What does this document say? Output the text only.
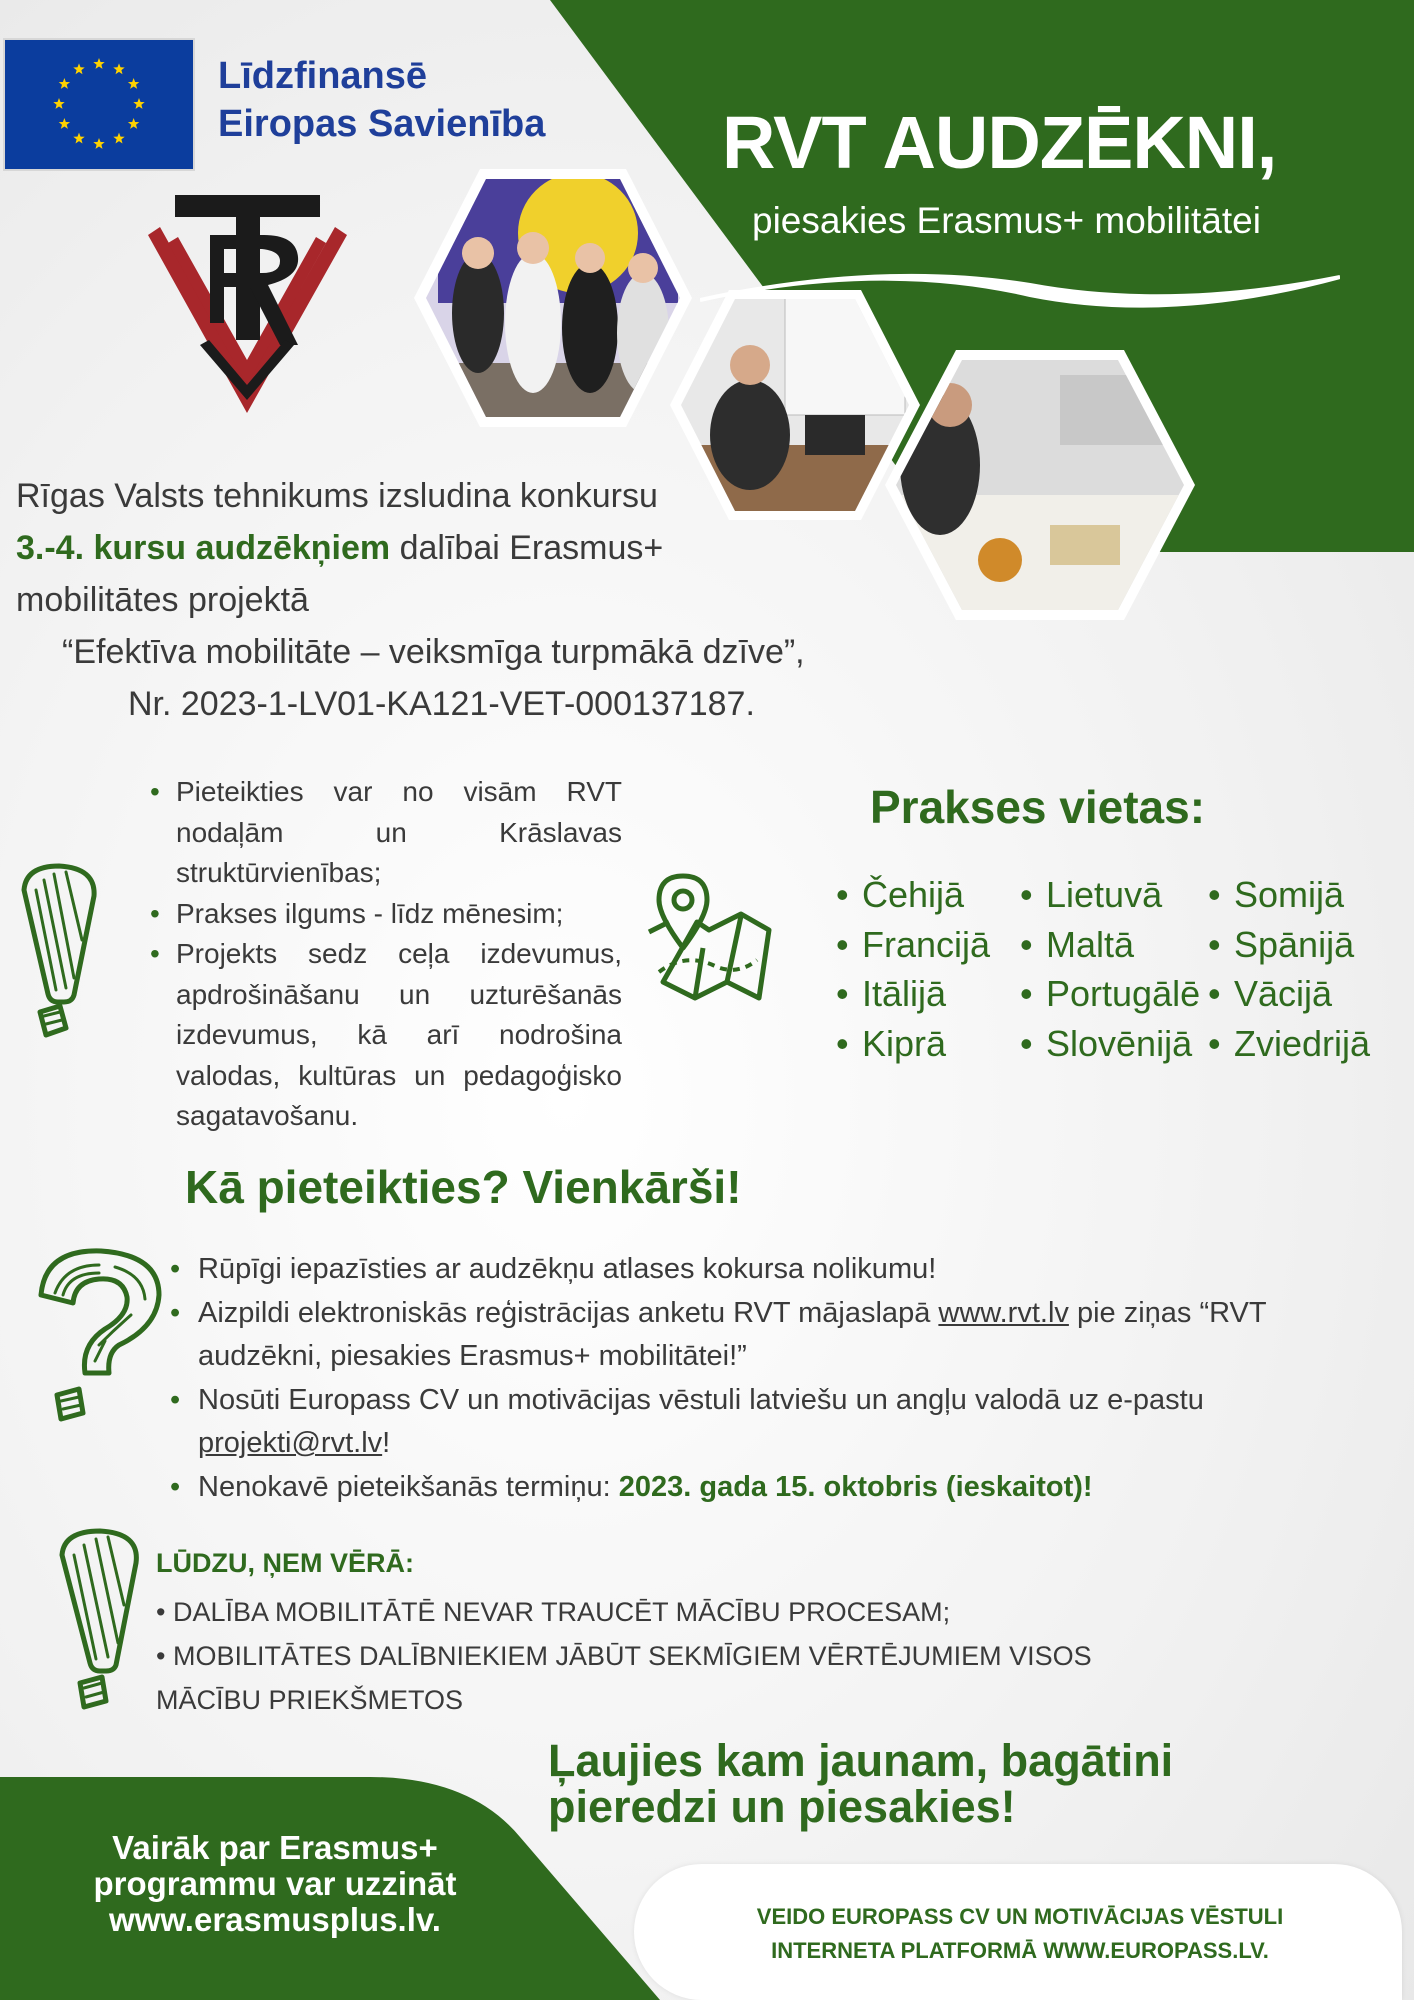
Līdzfinansē
Eiropas Savienība RVT AUDZĒKNI,
piesakies Erasmus+ mobilitātei
Rīgas Valsts tehnikums izsludina konkursu
3.-4. kursu audzēkņiem dalībai Erasmus+
mobilitātes projektā
“Efektīva mobilitāte – veiksmīga turpmākā dzīve”,
Nr. 2023-1-LV01-KA121-VET-000137187.
• Pieteikties var no visām RVT nodaļām un Krāslavas struktūrvienības;
• Prakses ilgums - līdz mēnesim;
• Projekts sedz ceļa izdevumus, apdrošināšanu un uzturēšanās izdevumus, kā arī nodrošina valodas, kultūras un pedagoģisko sagatavošanu.
Prakses vietas:
• Čehijā
• Francijā
• Itālijā
• Kiprā
• Lietuvā
• Maltā
• Portugālē
• Slovēnijā
• Somijā
• Spānijā
• Vācijā
• Zviedrijā
Kā pieteikties? Vienkārši!
• Rūpīgi iepazīsties ar audzēkņu atlases kokursa nolikumu!
• Aizpildi elektroniskās reģistrācijas anketu RVT mājaslapā www.rvt.lv pie ziņas “RVT audzēkni, piesakies Erasmus+ mobilitātei!”
• Nosūti Europass CV un motivācijas vēstuli latviešu un angļu valodā uz e-pastu projekti@rvt.lv!
• Nenokavē pieteikšanās termiņu: 2023. gada 15. oktobris (ieskaitot)!
LŪDZU, ŅEM VĒRĀ:
• DALĪBA MOBILITĀTĒ NEVAR TRAUCĒT MĀCĪBU PROCESAM;
• MOBILITĀTES DALĪBNIEKIEM JĀBŪT SEKMĪGIEM VĒRTĒJUMIEM VISOS MĀCĪBU PRIEKŠMETOS
Ļaujies kam jaunam, bagātini pieredzi un piesakies!
Vairāk par Erasmus+
programmu var uzzināt
www.erasmusplus.lv.	VEIDO EUROPASS CV UN MOTIVĀCIJAS VĒSTULI
INTERNETA PLATFORMĀ WWW.EUROPASS.LV.
